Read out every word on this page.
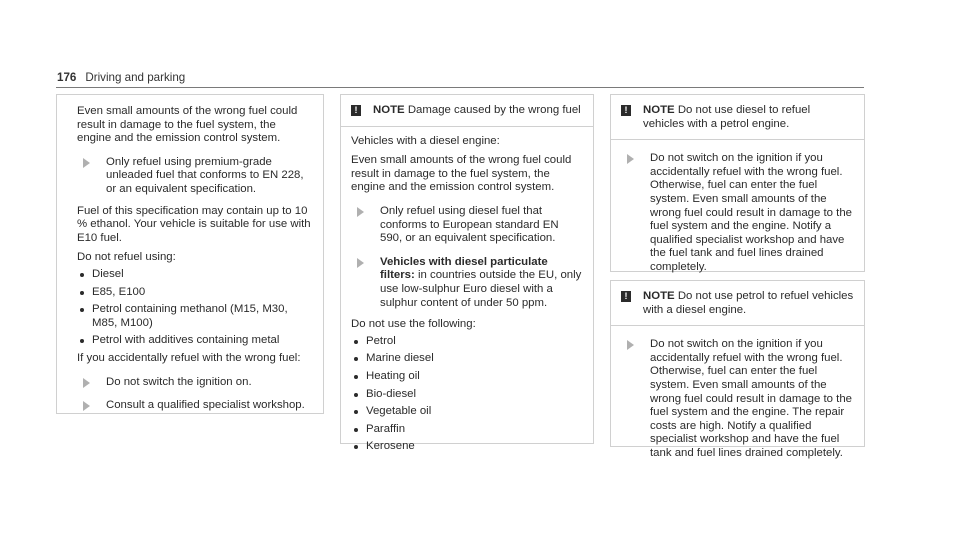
176 Driving and parking

Even small amounts of the wrong fuel could result in damage to the fuel system, the engine and the emission control system.

Only refuel using premium-grade unleaded fuel that conforms to EN 228, or an equivalent specification.

Fuel of this specification may contain up to 10 % ethanol. Your vehicle is suitable for use with E10 fuel.

Do not refuel using:

Diesel
E85, E100
Petrol containing methanol (M15, M30, M85, M100)
Petrol with additives containing metal

If you accidentally refuel with the wrong fuel:

Do not switch the ignition on.
Consult a qualified specialist workshop.
!	NOTE Damage caused by the wrong fuel

Vehicles with a diesel engine:

Even small amounts of the wrong fuel could result in damage to the fuel system, the engine and the emission control system.

Only refuel using diesel fuel that conforms to European standard EN 590, or an equivalent specification.
Vehicles with diesel particulate filters: in countries outside the EU, only use low-sulphur Euro diesel with a sulphur content of under 50 ppm.

Do not use the following:

Petrol
Marine diesel
Heating oil
Bio-diesel
Vegetable oil
Paraffin
Kerosene
!	NOTE Do not use diesel to refuel vehicles with a petrol engine.
Do not switch on the ignition if you accidentally refuel with the wrong fuel. Otherwise, fuel can enter the fuel system. Even small amounts of the wrong fuel could result in damage to the fuel system and the engine. Notify a qualified specialist workshop and have the fuel tank and fuel lines drained completely.
!	NOTE Do not use petrol to refuel vehicles with a diesel engine.
Do not switch on the ignition if you accidentally refuel with the wrong fuel. Otherwise, fuel can enter the fuel system. Even small amounts of the wrong fuel could result in damage to the fuel system and the engine. The repair costs are high. Notify a qualified specialist workshop and have the fuel tank and fuel lines drained completely.
